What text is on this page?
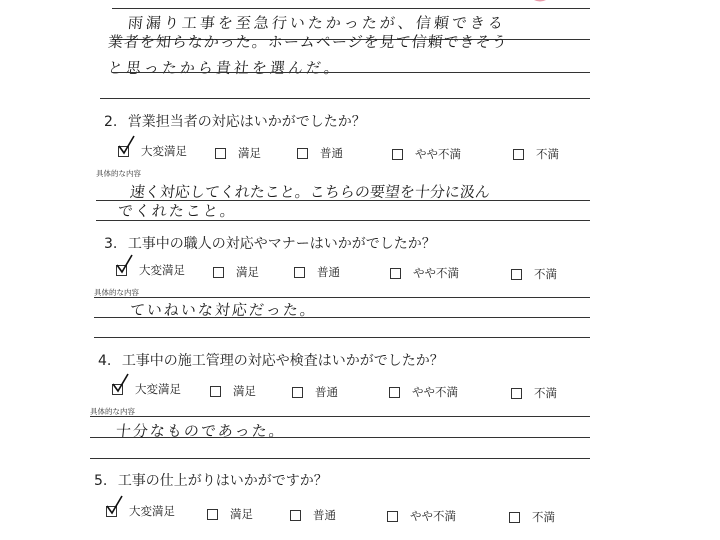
雨漏り工事を至急行いたかったが、信頼できる
業者を知らなかった。ホームページを見て信頼できそう
と思ったから貴社を選んだ。
2. 営業担当者の対応はいかがでしたか？
大変満足	満足	普通	やや不満	不満
具体的な内容
速く対応してくれたこと。こちらの要望を十分に汲ん
でくれたこと。
3. 工事中の職人の対応やマナーはいかがでしたか？
大変満足	満足	普通	やや不満	不満
具体的な内容
ていねいな対応だった。
4. 工事中の施工管理の対応や検査はいかがでしたか？
大変満足	満足	普通	やや不満	不満
具体的な内容
十分なものであった。
5. 工事の仕上がりはいかがですか？
大変満足	満足	普通	やや不満	不満
